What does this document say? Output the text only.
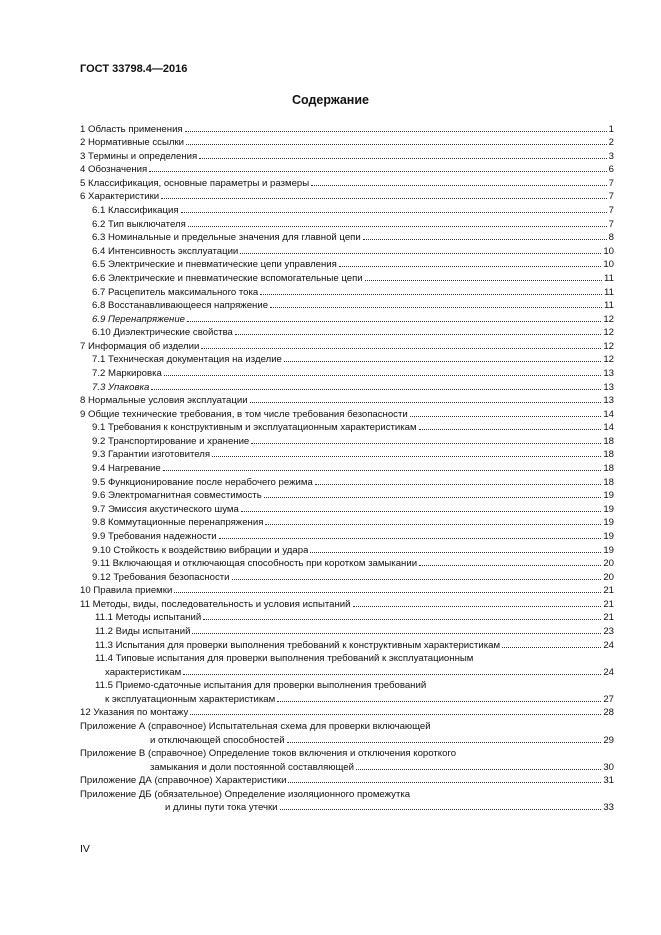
ГОСТ 33798.4—2016
Содержание
1 Область применения	1
2 Нормативные ссылки	2
3 Термины и определения	3
4 Обозначения	6
5 Классификация, основные параметры и размеры	7
6 Характеристики	7
6.1 Классификация	7
6.2 Тип выключателя	7
6.3 Номинальные и предельные значения для главной цепи	8
6.4 Интенсивность эксплуатации	10
6.5 Электрические и пневматические цепи управления	10
6.6 Электрические и пневматические вспомогательные цепи	11
6.7 Расцепитель максимального тока	11
6.8 Восстанавливающееся напряжение	11
6.9 Перенапряжение	12
6.10 Диэлектрические свойства	12
7 Информация об изделии	12
7.1 Техническая документация на изделие	12
7.2 Маркировка	13
7.3 Упаковка	13
8 Нормальные условия эксплуатации	13
9 Общие технические требования, в том числе требования безопасности	14
9.1 Требования к конструктивным и эксплуатационным характеристикам	14
9.2 Транспортирование и хранение	18
9.3 Гарантии изготовителя	18
9.4 Нагревание	18
9.5 Функционирование после нерабочего режима	18
9.6 Электромагнитная совместимость	19
9.7 Эмиссия акустического шума	19
9.8 Коммутационные перенапряжения	19
9.9 Требования надежности	19
9.10 Стойкость к воздействию вибрации и удара	19
9.11 Включающая и отключающая способность при коротком замыкании	20
9.12 Требования безопасности	20
10 Правила приемки	21
11 Методы, виды, последовательность и условия испытаний	21
11.1 Методы испытаний	21
11.2 Виды испытаний	23
11.3 Испытания для проверки выполнения требований к конструктивным характеристикам	24
11.4 Типовые испытания для проверки выполнения требований к эксплуатационным
характеристикам	24
11.5 Приемо-сдаточные испытания для проверки выполнения требований
к эксплуатационным характеристикам	27
12 Указания по монтажу	28
Приложение А (справочное) Испытательная схема для проверки включающей
и отключающей способностей	29
Приложение В (справочное) Определение токов включения и отключения короткого
замыкания и доли постоянной составляющей	30
Приложение ДА (справочное) Характеристики	31
Приложение ДБ (обязательное) Определение изоляционного промежутка
и длины пути тока утечки	33
IV
